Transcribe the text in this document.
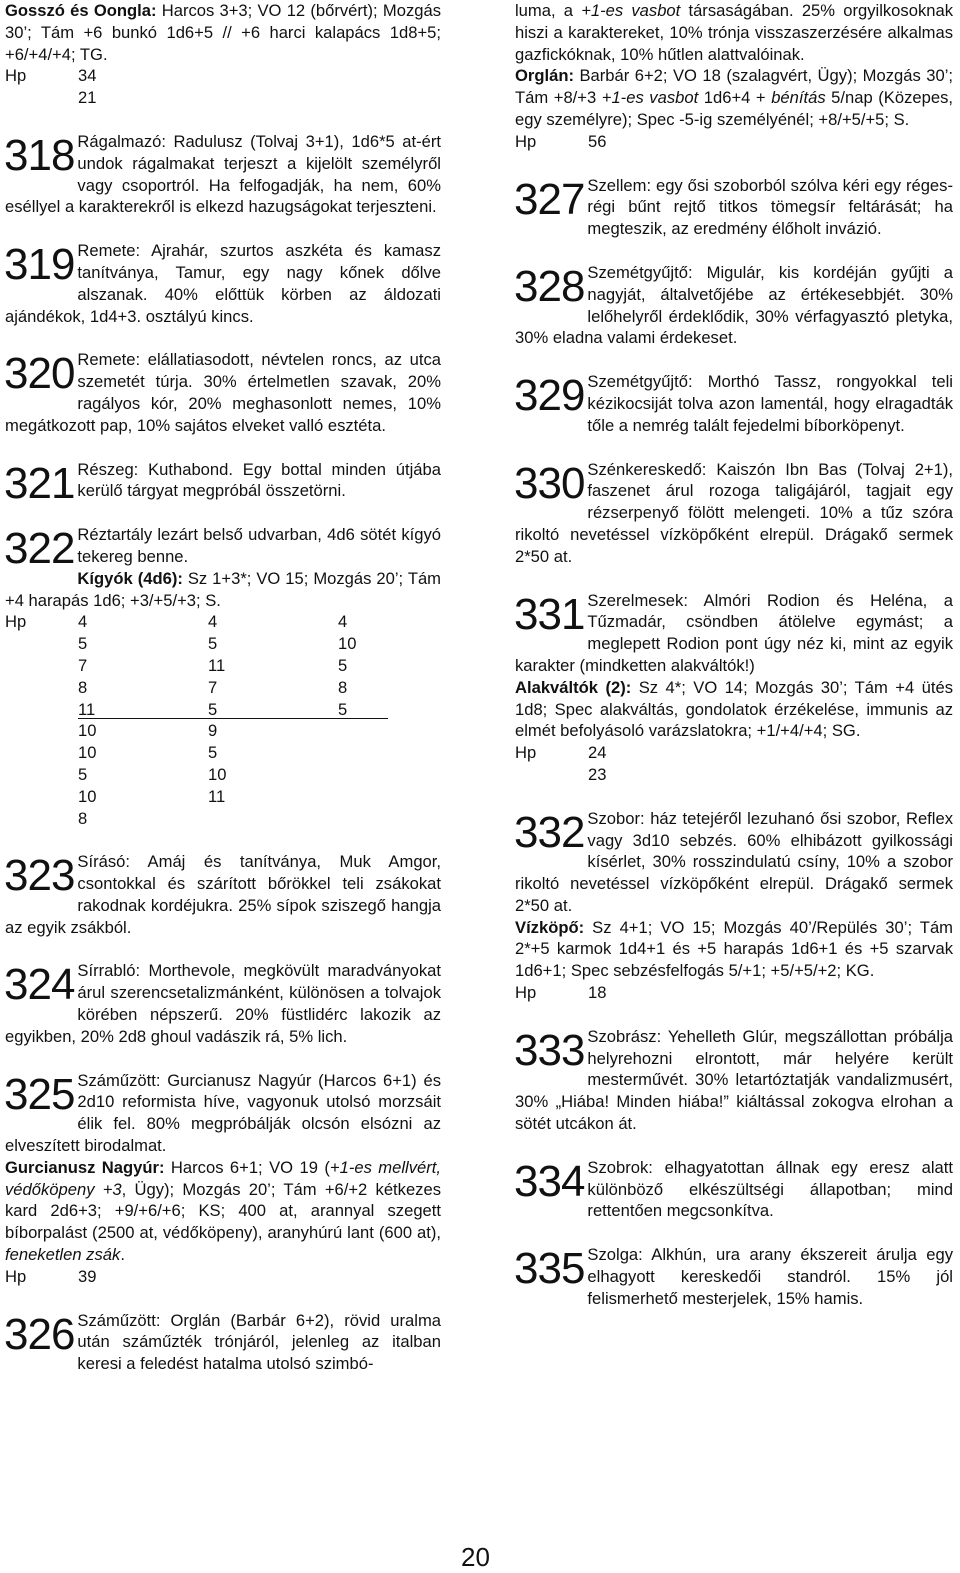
Gosszó és Oongla: Harcos 3+3; VO 12 (bőrvért); Mozgás 30’; Tám +6 bunkó 1d6+5 // +6 harci kalapács 1d8+5; +6/+4/+4; TG.

Hp	34
21
318 Rágalmazó: Radulusz (Tolvaj 3+1), 1d6*5 at-ért undok rágalmakat terjeszt a kijelölt személyről vagy csoportról. Ha felfogadják, ha nem, 60% eséllyel a karakterekről is elkezd hazugságokat terjeszteni.

319 Remete: Ajrahár, szurtos aszkéta és kamasz tanítványa, Tamur, egy nagy kőnek dőlve alszanak. 40% előttük körben az áldozati ajándékok, 1d4+3. osztályú kincs.

320 Remete: elállatiasodott, névtelen roncs, az utca szemetét túrja. 30% értelmetlen szavak, 20% ragályos kór, 20% meghasonlott nemes, 10% megátkozott pap, 10% sajátos elveket valló esztéta.

321 Részeg: Kuthabond. Egy bottal minden útjába kerülő tárgyat megpróbál összetörni.

322 Réztartály lezárt belső udvarban, 4d6 sötét kígyó tekereg benne.

Kígyók (4d6): Sz 1+3*; VO 15; Mozgás 20’; Tám +4 harapás 1d6; +3/+5/+3; S.

Hp	4	4	4
5	5	10
7	11	5
8	7	8
11	5	5
10	9
10	5
5	10
10	11
8
323 Sírásó: Amáj és tanítványa, Muk Amgor, csontokkal és szárított bőrökkel teli zsákokat rakodnak kordéjukra. 25% sípok sziszegő hangja az egyik zsákból.

324 Sírrabló: Morthevole, megkövült maradványokat árul szerencsetalizmánként, különösen a tolvajok körében népszerű. 20% füstlidérc lakozik az egyikben, 20% 2d8 ghoul vadászik rá, 5% lich.

325 Száműzött: Gurcianusz Nagyúr (Harcos 6+1) és 2d10 reformista híve, vagyonuk utolsó morzsáit élik fel. 80% megpróbálják olcsón elsózni az elveszített birodalmat.

Gurcianusz Nagyúr: Harcos 6+1; VO 19 (+1-es mellvért, védőköpeny +3, Ügy); Mozgás 20’; Tám +6/+2 kétkezes kard 2d6+3; +9/+6/+6; KS; 400 at, arannyal szegett bíborpalást (2500 at, védőköpeny), aranyhúrú lant (600 at), feneketlen zsák.

Hp	39
326 Száműzött: Orglán (Barbár 6+2), rövid uralma után száműzték trónjáról, jelenleg az italban keresi a feledést hatalma utolsó szimbó-

luma, a +1-es vasbot társaságában. 25% orgyilkosoknak hiszi a karaktereket, 10% trónja visszaszerzésére alkalmas gazfickóknak, 10% hűtlen alattvalóinak.

Orglán: Barbár 6+2; VO 18 (szalagvért, Ügy); Mozgás 30’; Tám +8/+3 +1-es vasbot 1d6+4 + bénítás 5/nap (Közepes, egy személyre); Spec -5-ig személyénél; +8/+5/+5; S.

Hp	56
327 Szellem: egy ősi szoborból szólva kéri egy réges-régi bűnt rejtő titkos tömegsír feltárását; ha megteszik, az eredmény élőholt invázió.

328 Szemétgyűjtő: Migulár, kis kordéján gyűjti a nagyját, általvetőjébe az értékesebbjét. 30% lelőhelyről érdeklődik, 30% vérfagyasztó pletyka, 30% eladna valami érdekeset.

329 Szemétgyűjtő: Morthó Tassz, rongyokkal teli kézikocsiját tolva azon lamentál, hogy elragadták tőle a nemrég talált fejedelmi bíborköpenyt.

330 Szénkereskedő: Kaiszón Ibn Bas (Tolvaj 2+1), faszenet árul rozoga taligájáról, tagjait egy rézserpenyő fölött melengeti. 10% a tűz szóra rikoltó nevetéssel vízköpőként elrepül. Drágakő sermek 2*50 at.

331 Szerelmesek: Almóri Rodion és Heléna, a Tűzmadár, csöndben átölelve egymást; a meglepett Rodion pont úgy néz ki, mint az egyik karakter (mindketten alakváltók!)

Alakváltók (2): Sz 4*; VO 14; Mozgás 30’; Tám +4 ütés 1d8; Spec alakváltás, gondolatok érzékelése, immunis az elmét befolyásoló varázslatokra; +1/+4/+4; SG.

Hp	24
23
332 Szobor: ház tetejéről lezuhanó ősi szobor, Reflex vagy 3d10 sebzés. 60% elhibázott gyilkossági kísérlet, 30% rosszindulatú csíny, 10% a szobor rikoltó nevetéssel vízköpőként elrepül. Drágakő sermek 2*50 at.

Vízköpő: Sz 4+1; VO 15; Mozgás 40’/Repülés 30’; Tám 2*+5 karmok 1d4+1 és +5 harapás 1d6+1 és +5 szarvak 1d6+1; Spec sebzésfelfogás 5/+1; +5/+5/+2; KG.

Hp	18
333 Szobrász: Yehelleth Glúr, megszállottan próbálja helyrehozni elrontott, már helyére került mesterművét. 30% letartóztatják vandalizmusért, 30% „Hiába! Minden hiába!” kiáltással zokogva elrohan a sötét utcákon át.

334 Szobrok: elhagyatottan állnak egy eresz alatt különböző elkészültségi állapotban; mind rettentően megcsonkítva.

335 Szolga: Alkhún, ura arany ékszereit árulja egy elhagyott kereskedői standról. 15% jól felismerhető mesterjelek, 15% hamis.

20
